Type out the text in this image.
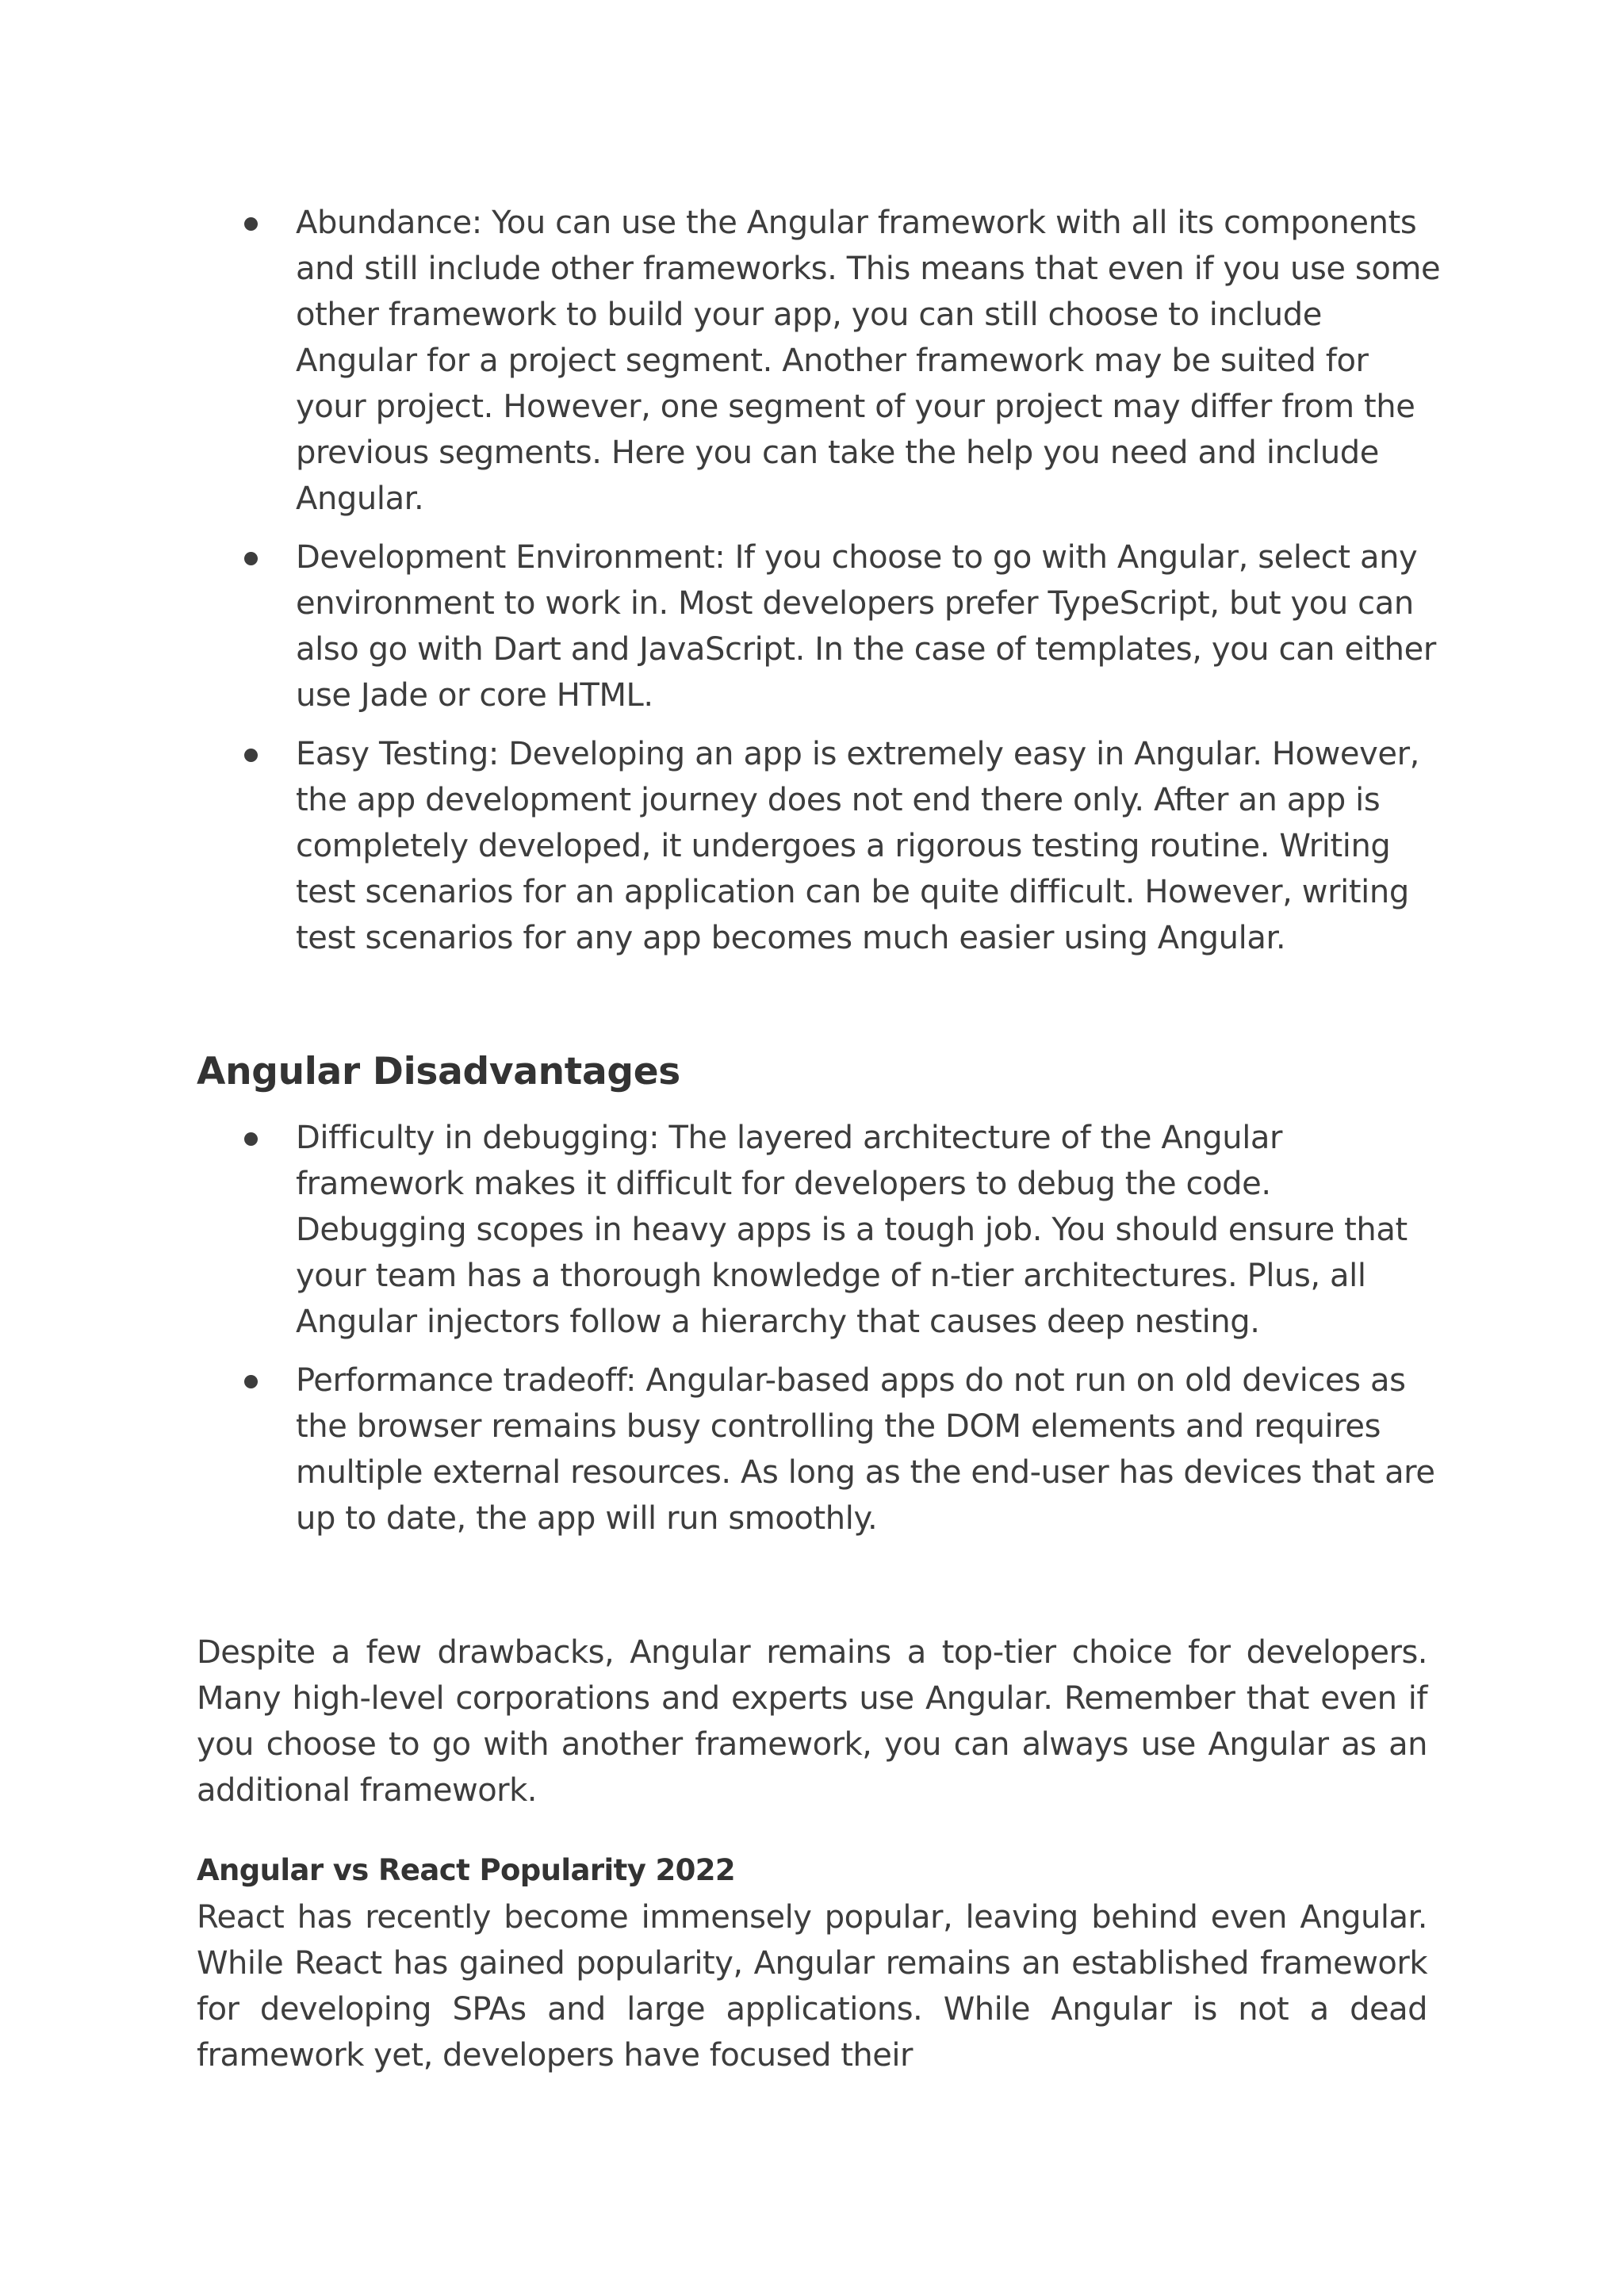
Abundance: You can use the Angular framework with all its components and still include other frameworks. This means that even if you use some other framework to build your app, you can still choose to include Angular for a project segment. Another framework may be suited for your project. However, one segment of your project may differ from the previous segments. Here you can take the help you need and include Angular.
Development Environment: If you choose to go with Angular, select any environment to work in. Most developers prefer TypeScript, but you can also go with Dart and JavaScript. In the case of templates, you can either use Jade or core HTML.
Easy Testing: Developing an app is extremely easy in Angular. However, the app development journey does not end there only. After an app is completely developed, it undergoes a rigorous testing routine. Writing test scenarios for an application can be quite difficult. However, writing test scenarios for any app becomes much easier using Angular.
Angular Disadvantages
Difficulty in debugging: The layered architecture of the Angular framework makes it difficult for developers to debug the code. Debugging scopes in heavy apps is a tough job. You should ensure that your team has a thorough knowledge of n-tier architectures. Plus, all Angular injectors follow a hierarchy that causes deep nesting.
Performance tradeoff: Angular-based apps do not run on old devices as the browser remains busy controlling the DOM elements and requires multiple external resources. As long as the end-user has devices that are up to date, the app will run smoothly.

Despite a few drawbacks, Angular remains a top-tier choice for developers. Many high-level corporations and experts use Angular. Remember that even if you choose to go with another framework, you can always use Angular as an additional framework.

Angular vs React Popularity 2022

React has recently become immensely popular, leaving behind even Angular. While React has gained popularity, Angular remains an established framework for developing SPAs and large applications. While Angular is not a dead framework yet, developers have focused their
